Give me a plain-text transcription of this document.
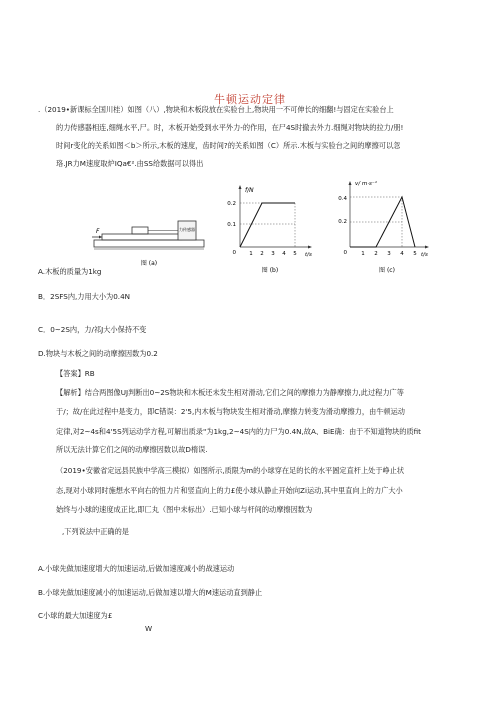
牛顿运动定律
.（2019•新课标全国川桂）如图（八）,物块和木板段放在实验台上,物块用一不可伸长的细翻!与固定在实验台上
的力传感器相连,细绳水平,尸。时，木板开始受到水平外力-的作用，在尸4S时撤去外力.细绳对物块的拉力/朋!
时间r变化的关系如图＜b＞所示,木板的速度，齿时间?的关系如图（C）所示.木板与实验台之间的摩擦可以忽
珞.JR力M速度取炉IQa€².由SS给数据可以得出
力传感器
F
图 (a)
f/N
t/s
0.2
0.1
0 1 2 3 4 5
图 (b)
v/ m·s⁻¹
t/s
0.4
0.2
0	1 2 3 4 5
图 (c)
A.木板的质量为1kg
B．2SFS内,力用大小为0.4N
C．0~2S内，力/祁J大小保持不变
D.物块与木板之间的动摩擦因数为0.2
【答案】RB
【解析】结合两图像UJ判断出0~2S物块和木板还未发生相对滑动,它们之间的摩擦力为静摩擦力,此过程力广等
于/；故/在此过程中是变力，即C错误：2'5,内木板与物块发生相对滑动,摩擦力转变为滑动摩擦力，由牛顿运动
定律,对2~4s和4'5S列运动学方程,可解出质录"为1kg,2~4S内的力尸为0.4N,故A、BiE确：由于不知道物块的质fit
所以无法计算它们之间的动摩擦因数以故D楕误.
（2019•安徽省定远县民族中学高三模拟）如图所示,质限为m的小球穿在足的长的水平圄定直杆上处于峥止状
态,现对小球同时施想水平向右的忸力片和竖直向上的力£使小球从静止开始向Zi运动,其中里直向上的力广大小
始终与小球的速度成正比,即匚丸（图中未标出）.已知小球与杆间的动摩擦因数为
,下列说法中正确的是
A.小球先做加速度增大的加速运动,后做加速度减小的战速运动
B.小球先做加速度减小的加速运动,后做加速以增大的M速运动直到静止
C小球的最大加速度为£
W
